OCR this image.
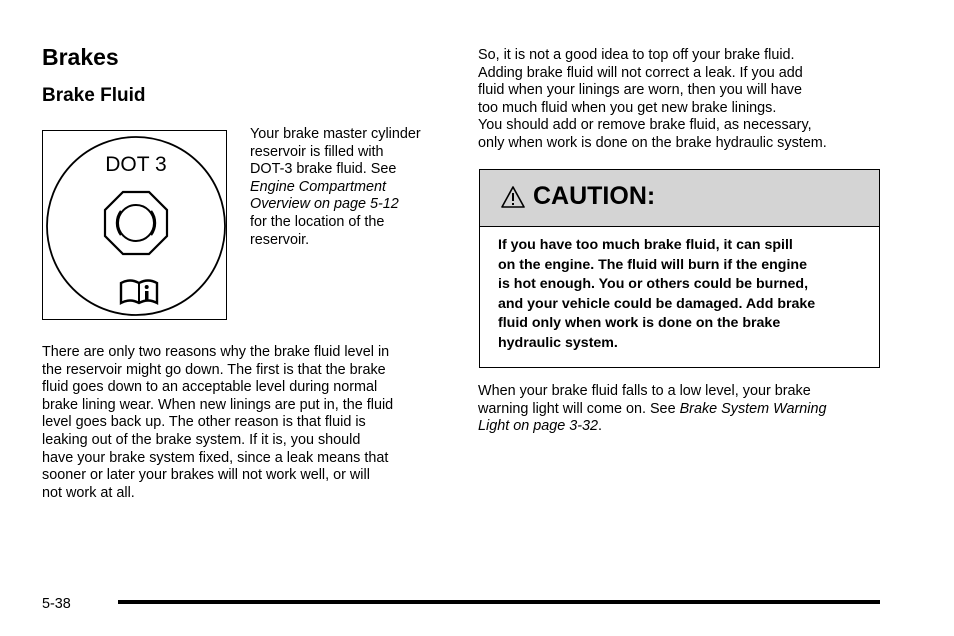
Brakes
Brake Fluid
DOT 3

Your brake master cylinder
reservoir is filled with
DOT-3 brake fluid. See
Engine Compartment
Overview on page 5-12
for the location of the
reservoir.

There are only two reasons why the brake fluid level in
the reservoir might go down. The first is that the brake
fluid goes down to an acceptable level during normal
brake lining wear. When new linings are put in, the fluid
level goes back up. The other reason is that fluid is
leaking out of the brake system. If it is, you should
have your brake system fixed, since a leak means that
sooner or later your brakes will not work well, or will
not work at all.

So, it is not a good idea to top off your brake fluid.
Adding brake fluid will not correct a leak. If you add
fluid when your linings are worn, then you will have
too much fluid when you get new brake linings.
You should add or remove brake fluid, as necessary,
only when work is done on the brake hydraulic system.

CAUTION:
If you have too much brake fluid, it can spill
on the engine. The fluid will burn if the engine
is hot enough. You or others could be burned,
and your vehicle could be damaged. Add brake
fluid only when work is done on the brake
hydraulic system.

When your brake fluid falls to a low level, your brake
warning light will come on. See Brake System Warning
Light on page 3-32.

5-38
